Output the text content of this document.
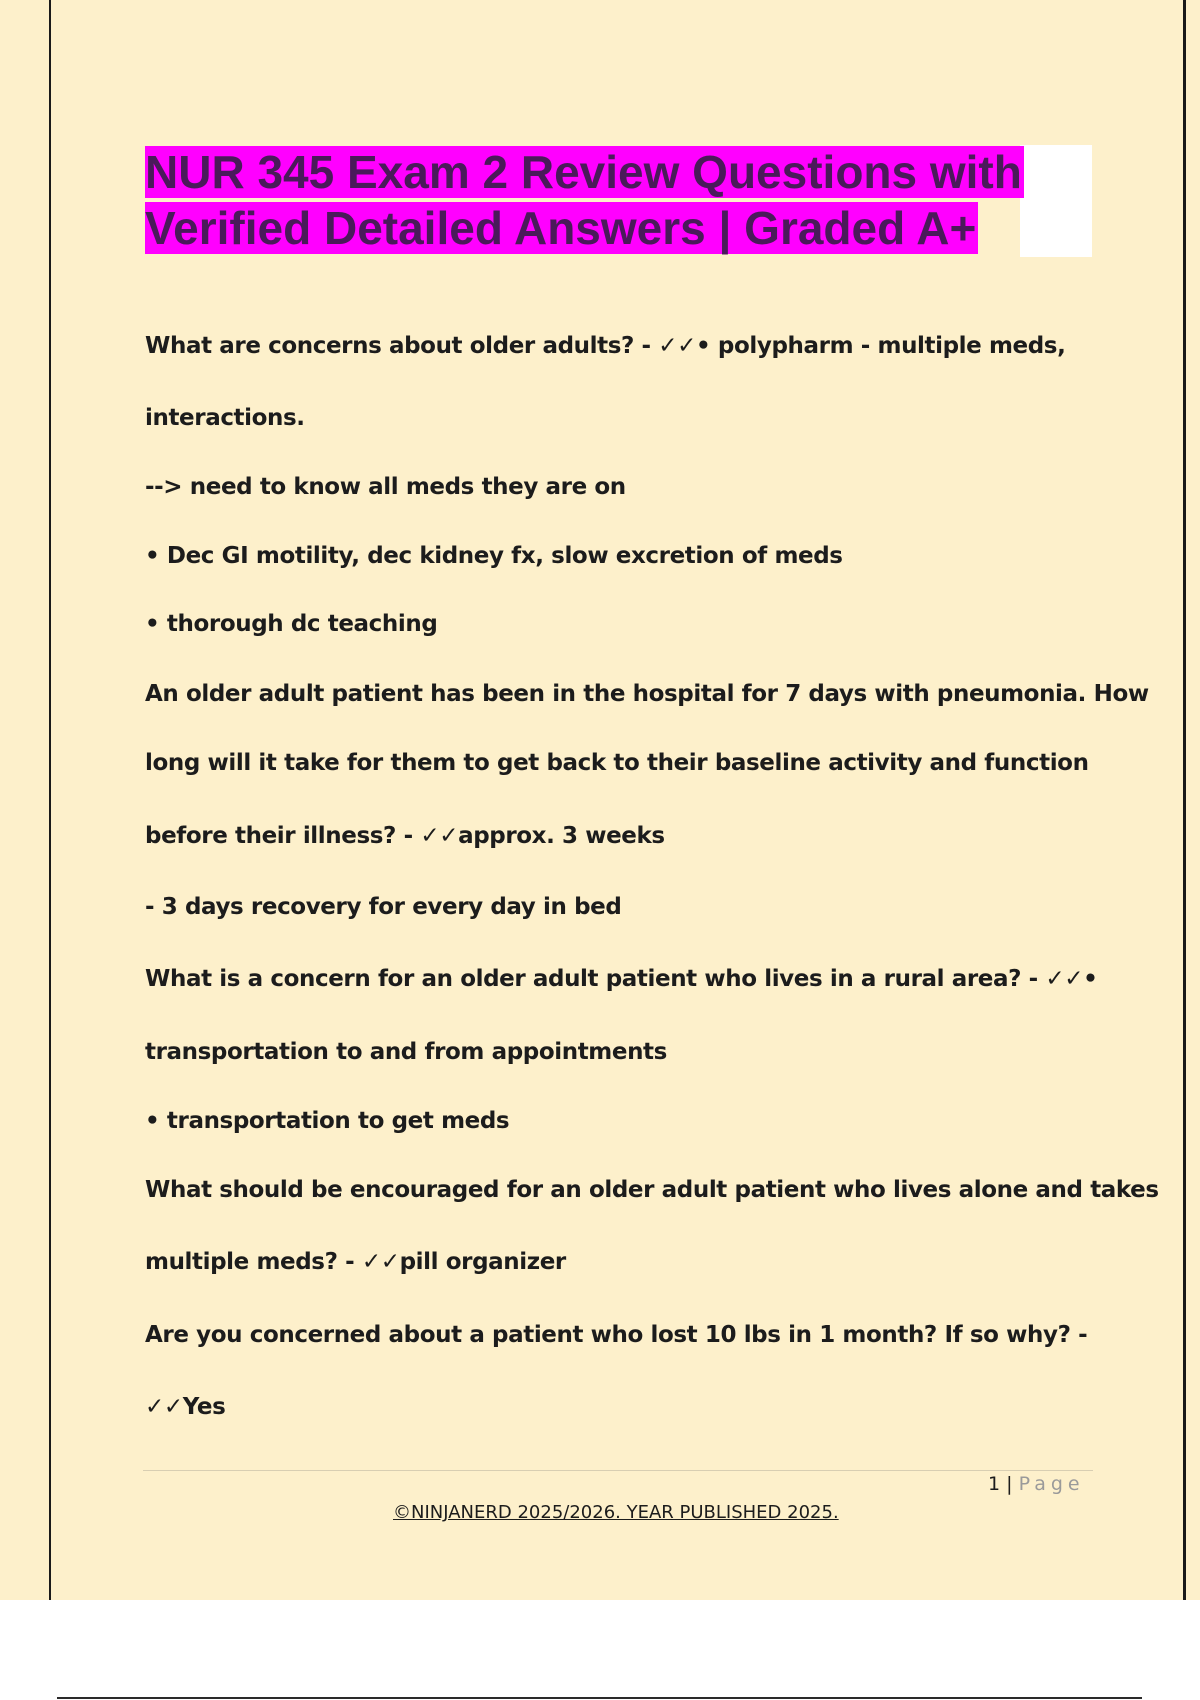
NUR 345 Exam 2 Review Questions with
Verified Detailed Answers | Graded A+
What are concerns about older adults? - ✓✓• polypharm - multiple meds,
interactions.
--> need to know all meds they are on
• Dec GI motility, dec kidney fx, slow excretion of meds
• thorough dc teaching
An older adult patient has been in the hospital for 7 days with pneumonia. How
long will it take for them to get back to their baseline activity and function
before their illness? - ✓✓approx. 3 weeks
- 3 days recovery for every day in bed
What is a concern for an older adult patient who lives in a rural area? - ✓✓•
transportation to and from appointments
• transportation to get meds
What should be encouraged for an older adult patient who lives alone and takes
multiple meds? - ✓✓pill organizer
Are you concerned about a patient who lost 10 lbs in 1 month? If so why? -
✓✓Yes
1 | Page
©NINJANERD 2025/2026. YEAR PUBLISHED 2025.
